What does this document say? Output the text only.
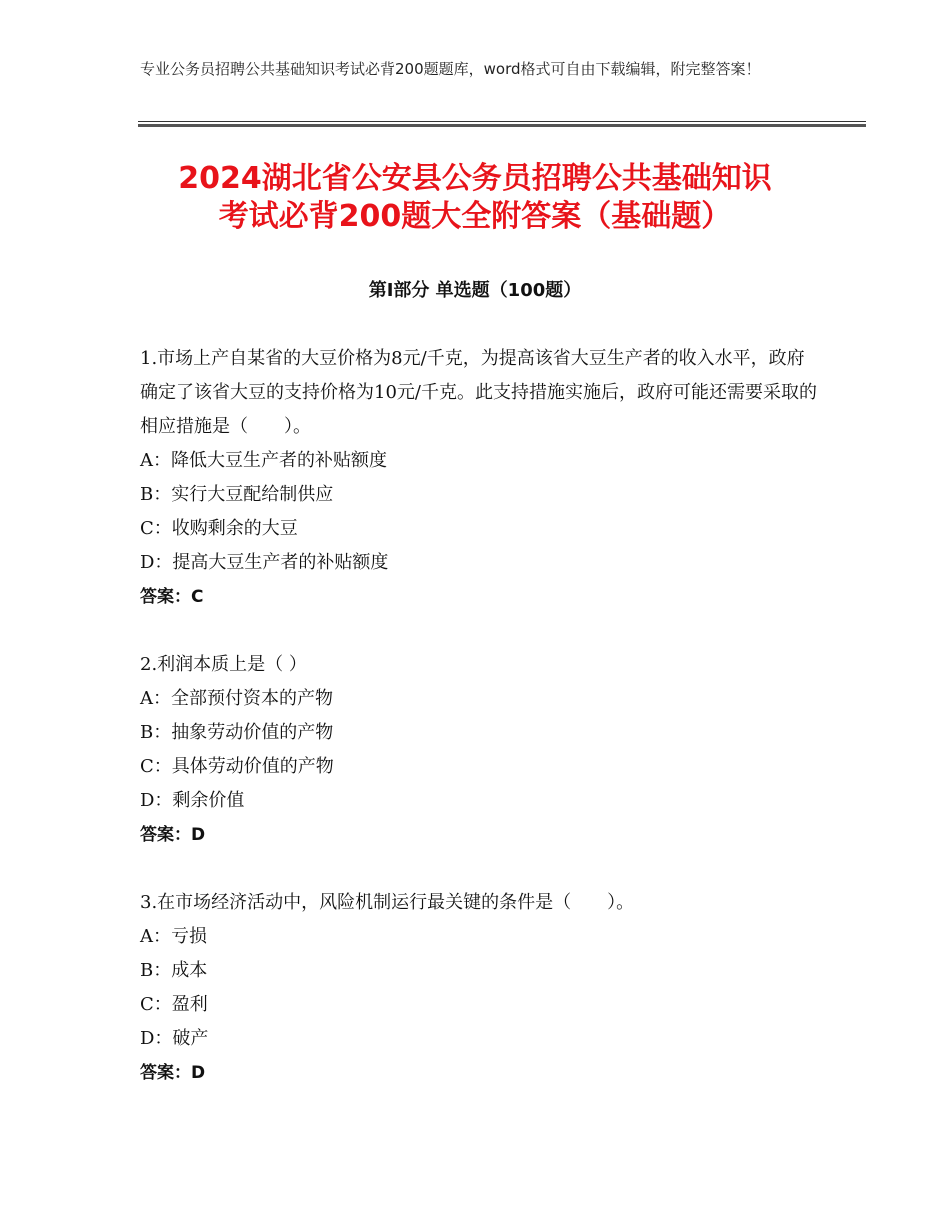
专业公务员招聘公共基础知识考试必背200题题库，word格式可自由下载编辑，附完整答案！
2024湖北省公安县公务员招聘公共基础知识
考试必背200题大全附答案（基础题）
第Ⅰ部分 单选题（100题）

1.市场上产自某省的大豆价格为8元/千克，为提高该省大豆生产者的收入水平，政府确定了该省大豆的支持价格为10元/千克。此支持措施实施后，政府可能还需要采取的相应措施是（　　）。

A：降低大豆生产者的补贴额度

B：实行大豆配给制供应

C：收购剩余的大豆

D：提高大豆生产者的补贴额度

答案：C

2.利润本质上是（ ）

A：全部预付资本的产物

B：抽象劳动价值的产物

C：具体劳动价值的产物

D：剩余价值

答案：D

3.在市场经济活动中，风险机制运行最关键的条件是（　　）。

A：亏损

B：成本

C：盈利

D：破产

答案：D
